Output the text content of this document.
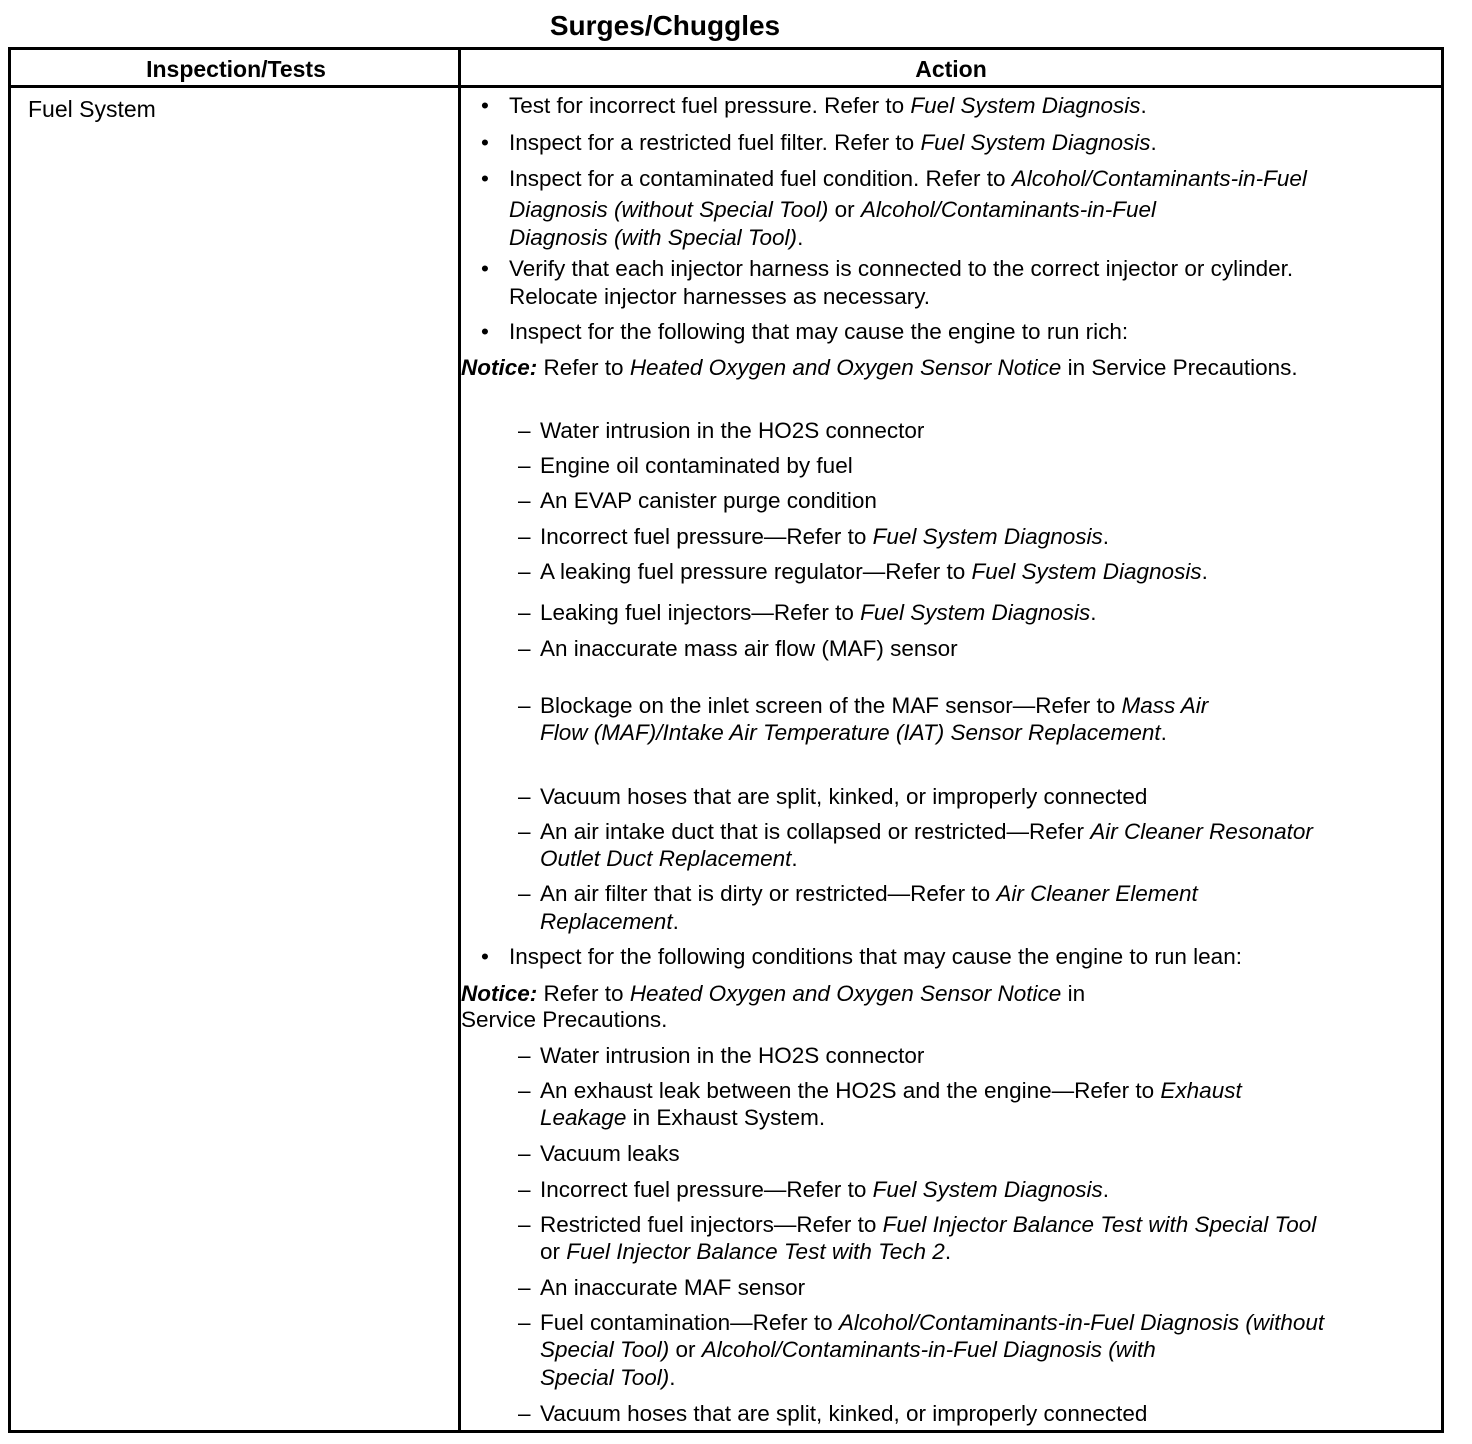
Surges/Chuggles
Inspection/Tests	Action
Fuel System	• Test for incorrect fuel pressure. Refer to Fuel System Diagnosis.
• Inspect for a restricted fuel filter. Refer to Fuel System Diagnosis.
• Inspect for a contaminated fuel condition. Refer to Alcohol/Contaminants-in-Fuel
Diagnosis (without Special Tool) or Alcohol/Contaminants-in-Fuel
Diagnosis (with Special Tool).
• Verify that each injector harness is connected to the correct injector or cylinder.
Relocate injector harnesses as necessary.
• Inspect for the following that may cause the engine to run rich:
Notice: Refer to Heated Oxygen and Oxygen Sensor Notice in Service Precautions.
– Water intrusion in the HO2S connector
– Engine oil contaminated by fuel
– An EVAP canister purge condition
– Incorrect fuel pressure—Refer to Fuel System Diagnosis.
– A leaking fuel pressure regulator—Refer to Fuel System Diagnosis.
– Leaking fuel injectors—Refer to Fuel System Diagnosis.
– An inaccurate mass air flow (MAF) sensor
– Blockage on the inlet screen of the MAF sensor—Refer to Mass Air
Flow (MAF)/Intake Air Temperature (IAT) Sensor Replacement.
– Vacuum hoses that are split, kinked, or improperly connected
– An air intake duct that is collapsed or restricted—Refer Air Cleaner Resonator
Outlet Duct Replacement.
– An air filter that is dirty or restricted—Refer to Air Cleaner Element
Replacement.
• Inspect for the following conditions that may cause the engine to run lean:
Notice: Refer to Heated Oxygen and Oxygen Sensor Notice in
Service Precautions.
– Water intrusion in the HO2S connector
– An exhaust leak between the HO2S and the engine—Refer to Exhaust
Leakage in Exhaust System.
– Vacuum leaks
– Incorrect fuel pressure—Refer to Fuel System Diagnosis.
– Restricted fuel injectors—Refer to Fuel Injector Balance Test with Special Tool
or Fuel Injector Balance Test with Tech 2.
– An inaccurate MAF sensor
– Fuel contamination—Refer to Alcohol/Contaminants-in-Fuel Diagnosis (without
Special Tool) or Alcohol/Contaminants-in-Fuel Diagnosis (with
Special Tool).
– Vacuum hoses that are split, kinked, or improperly connected
